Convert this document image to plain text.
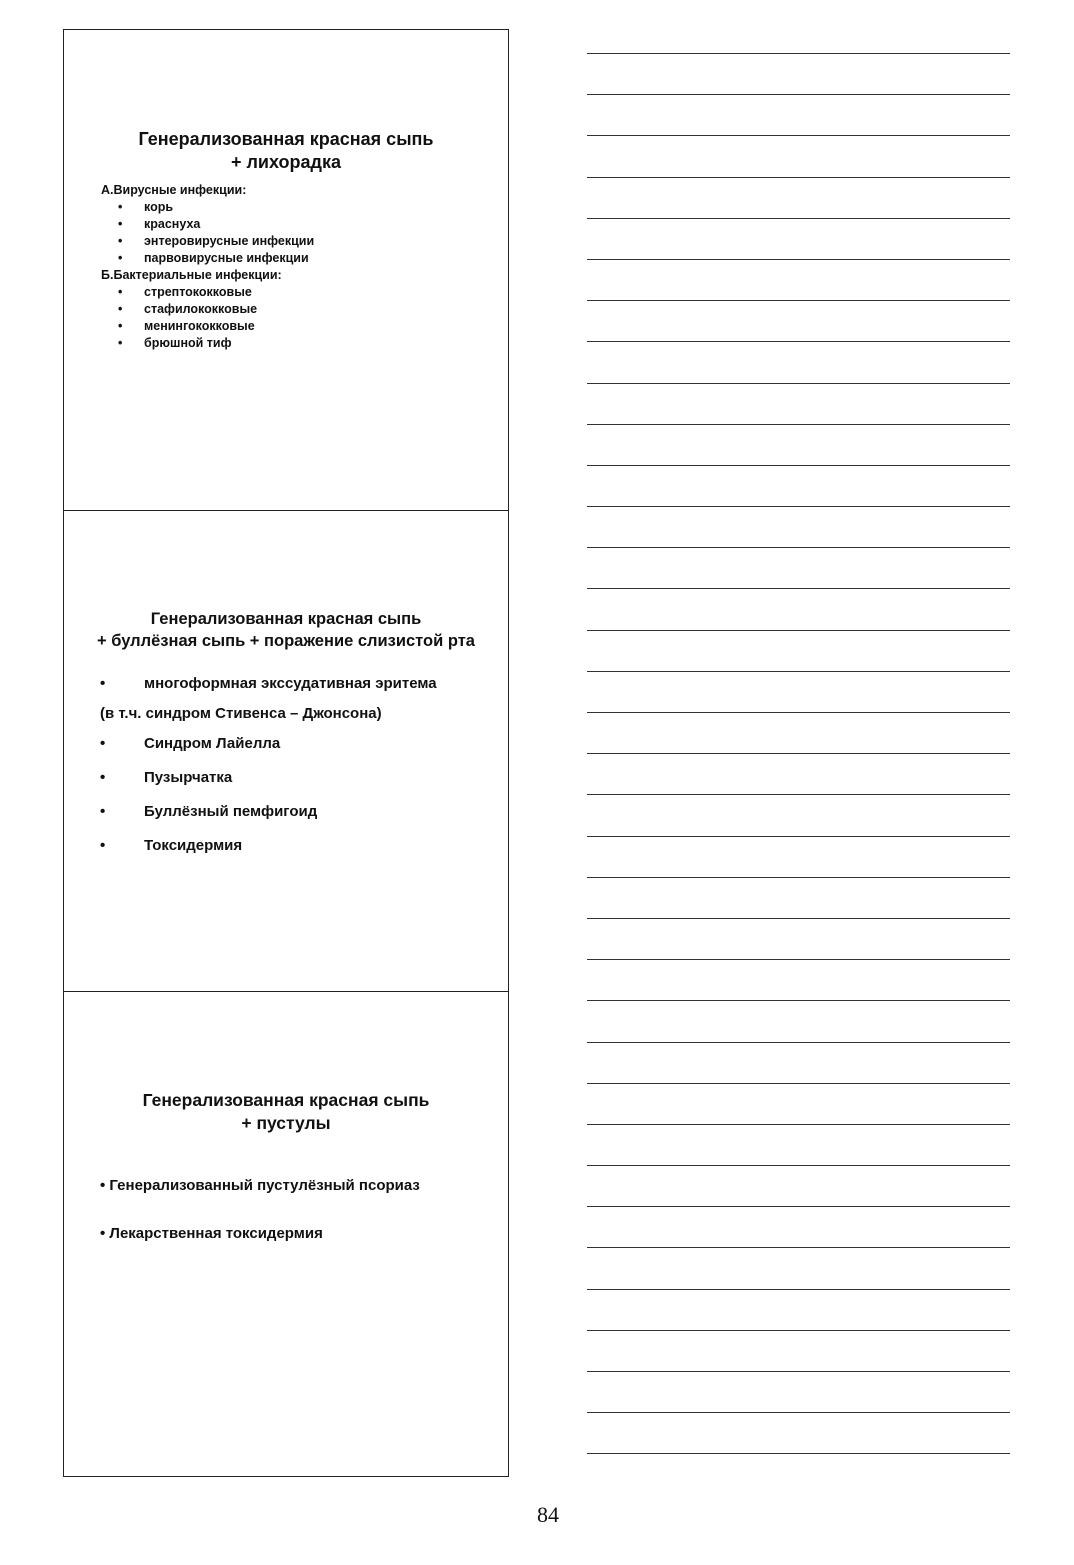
Генерализованная красная сыпь
+ лихорадка
А.Вирусные инфекции:
• корь
• краснуха
• энтеровирусные инфекции
• парвовирусные инфекции
Б.Бактериальные инфекции:
• стрептококковые
• стафилококковые
• менингококковые
• брюшной тиф
Генерализованная красная сыпь
+ буллёзная сыпь + поражение слизистой рта
•	многоформная экссудативная эритема
(в т.ч. синдром Стивенса – Джонсона)
•	Синдром Лайелла
•	Пузырчатка
•	Буллёзный пемфигоид
•	Токсидермия
Генерализованная красная сыпь
+ пустулы
• Генерализованный пустулёзный псориаз
• Лекарственная токсидермия
84
